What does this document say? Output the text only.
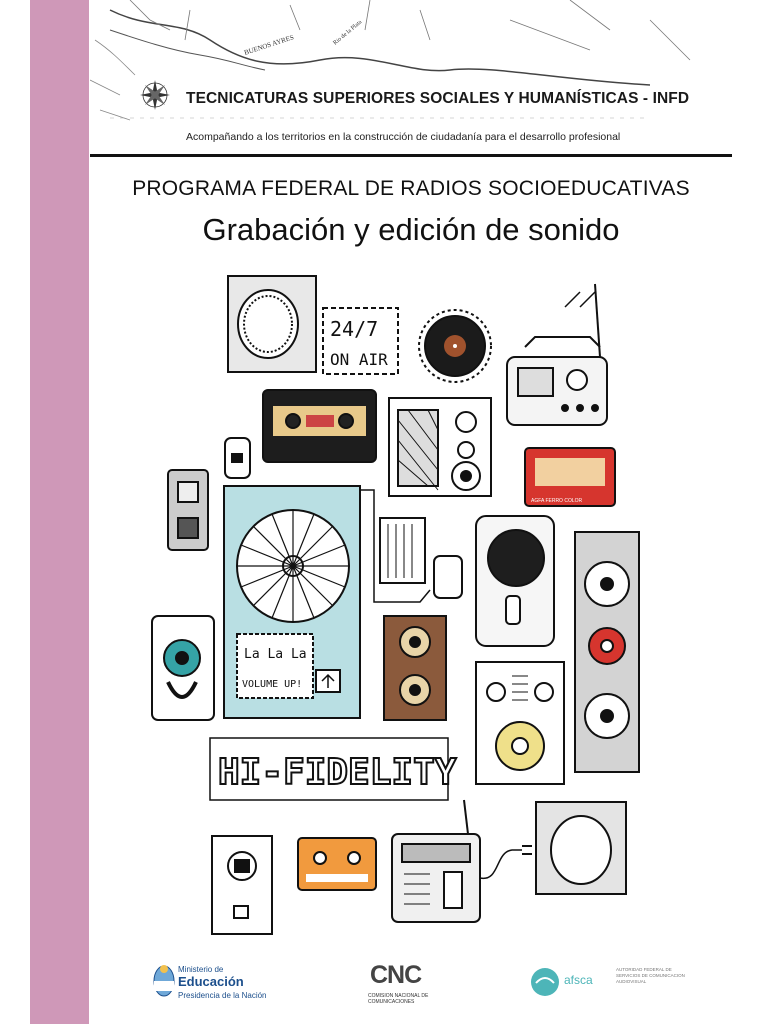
BUENOS AYRES	Rio de la Plata
TECNICATURAS SUPERIORES SOCIALES Y HUMANÍSTICAS - INFD
Acompañando a los territorios en la construcción de ciudadanía para el desarrollo profesional
PROGRAMA FEDERAL DE RADIOS SOCIOEDUCATIVAS
Grabación y edición de sonido
24/7
ON AIR
AGFA FERRO COLOR
La La La
VOLUME UP!
HI-FIDELITY
Ministerio de
Educación
Presidencia de la Nación
CNC
COMISION NACIONAL DE COMUNICACIONES
afsca
AUTORIDAD FEDERAL DE SERVICIOS DE COMUNICACION AUDIOVISUAL
